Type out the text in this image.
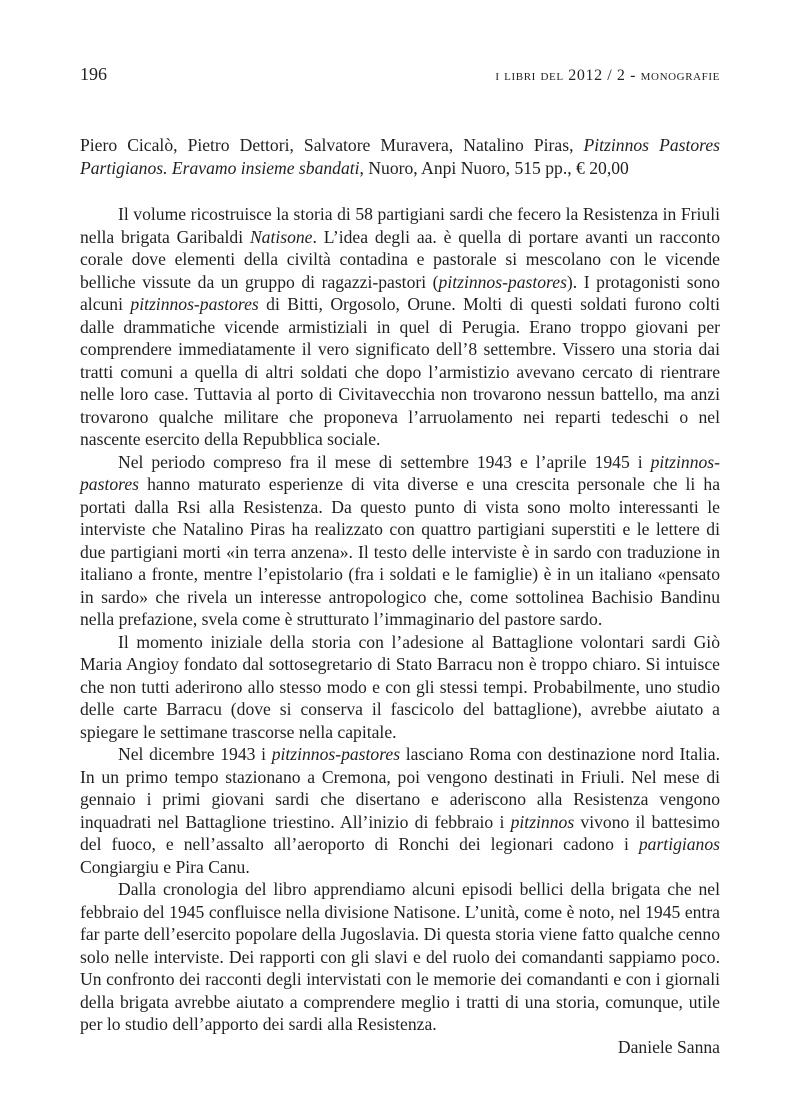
196	i libri del 2012 / 2 - monografie
Piero Cicalò, Pietro Dettori, Salvatore Muravera, Natalino Piras, Pitzinnos Pastores Partigianos. Eravamo insieme sbandati, Nuoro, Anpi Nuoro, 515 pp., € 20,00

Il volume ricostruisce la storia di 58 partigiani sardi che fecero la Resistenza in Friuli nella brigata Garibaldi Natisone. L’idea degli aa. è quella di portare avanti un racconto corale dove elementi della civiltà contadina e pastorale si mescolano con le vicende belliche vissute da un gruppo di ragazzi-pastori (pitzinnos-pastores). I protagonisti sono alcuni pitzinnos-pastores di Bitti, Orgosolo, Orune. Molti di questi soldati furono colti dalle drammatiche vicende armistiziali in quel di Perugia. Erano troppo giovani per comprendere immediatamente il vero significato dell’8 settembre. Vissero una storia dai tratti comuni a quella di altri soldati che dopo l’armistizio avevano cercato di rientrare nelle loro case. Tuttavia al porto di Civitavecchia non trovarono nessun battello, ma anzi trovarono qualche militare che proponeva l’arruolamento nei reparti tedeschi o nel nascente esercito della Repubblica sociale.

Nel periodo compreso fra il mese di settembre 1943 e l’aprile 1945 i pitzinnos-pastores hanno maturato esperienze di vita diverse e una crescita personale che li ha portati dalla Rsi alla Resistenza. Da questo punto di vista sono molto interessanti le interviste che Natalino Piras ha realizzato con quattro partigiani superstiti e le lettere di due partigiani morti «in terra anzena». Il testo delle interviste è in sardo con traduzione in italiano a fronte, mentre l’epistolario (fra i soldati e le famiglie) è in un italiano «pensato in sardo» che rivela un interesse antropologico che, come sottolinea Bachisio Bandinu nella prefazione, svela come è strutturato l’immaginario del pastore sardo.

Il momento iniziale della storia con l’adesione al Battaglione volontari sardi Giò Maria Angioy fondato dal sottosegretario di Stato Barracu non è troppo chiaro. Si intuisce che non tutti aderirono allo stesso modo e con gli stessi tempi. Probabilmente, uno studio delle carte Barracu (dove si conserva il fascicolo del battaglione), avrebbe aiutato a spiegare le settimane trascorse nella capitale.

Nel dicembre 1943 i pitzinnos-pastores lasciano Roma con destinazione nord Italia. In un primo tempo stazionano a Cremona, poi vengono destinati in Friuli. Nel mese di gennaio i primi giovani sardi che disertano e aderiscono alla Resistenza vengono inquadrati nel Battaglione triestino. All’inizio di febbraio i pitzinnos vivono il battesimo del fuoco, e nell’assalto all’aeroporto di Ronchi dei legionari cadono i partigianos Congiargiu e Pira Canu.

Dalla cronologia del libro apprendiamo alcuni episodi bellici della brigata che nel febbraio del 1945 confluisce nella divisione Natisone. L’unità, come è noto, nel 1945 entra far parte dell’esercito popolare della Jugoslavia. Di questa storia viene fatto qualche cenno solo nelle interviste. Dei rapporti con gli slavi e del ruolo dei comandanti sappiamo poco. Un confronto dei racconti degli intervistati con le memorie dei comandanti e con i giornali della brigata avrebbe aiutato a comprendere meglio i tratti di una storia, comunque, utile per lo studio dell’apporto dei sardi alla Resistenza.

Daniele Sanna
